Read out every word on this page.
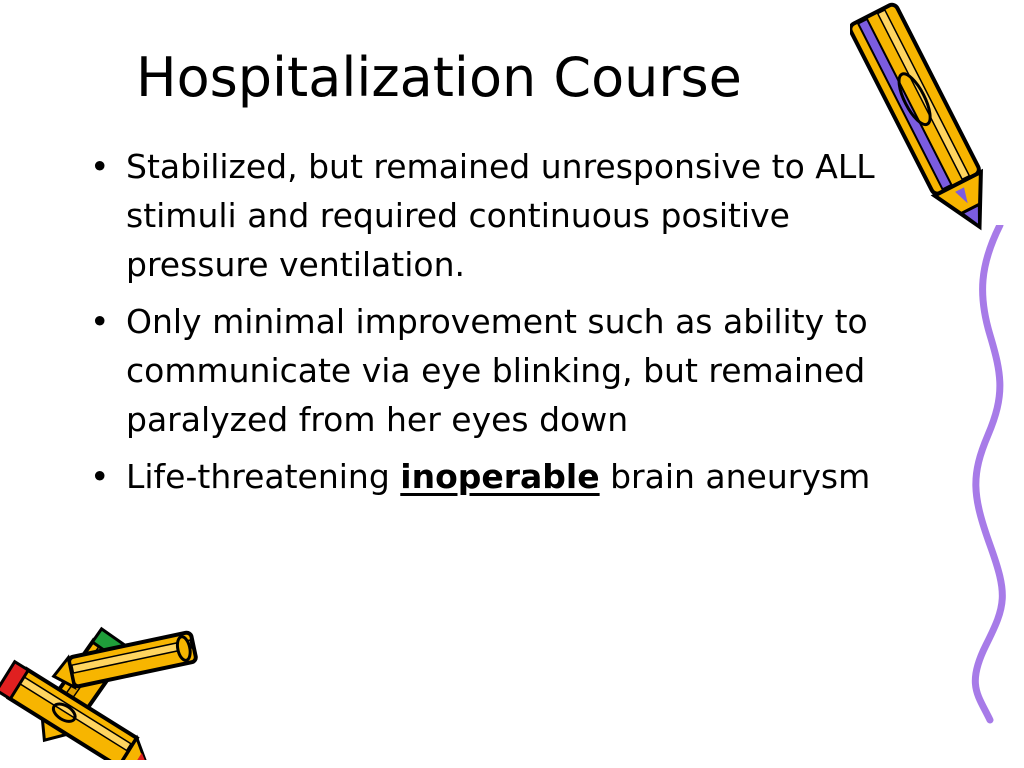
Hospitalization Course
• Stabilized, but remained unresponsive to ALL stimuli and required continuous positive pressure ventilation.
• Only minimal improvement such as ability to communicate via eye blinking, but remained paralyzed from her eyes down
• Life-threatening inoperable brain aneurysm
